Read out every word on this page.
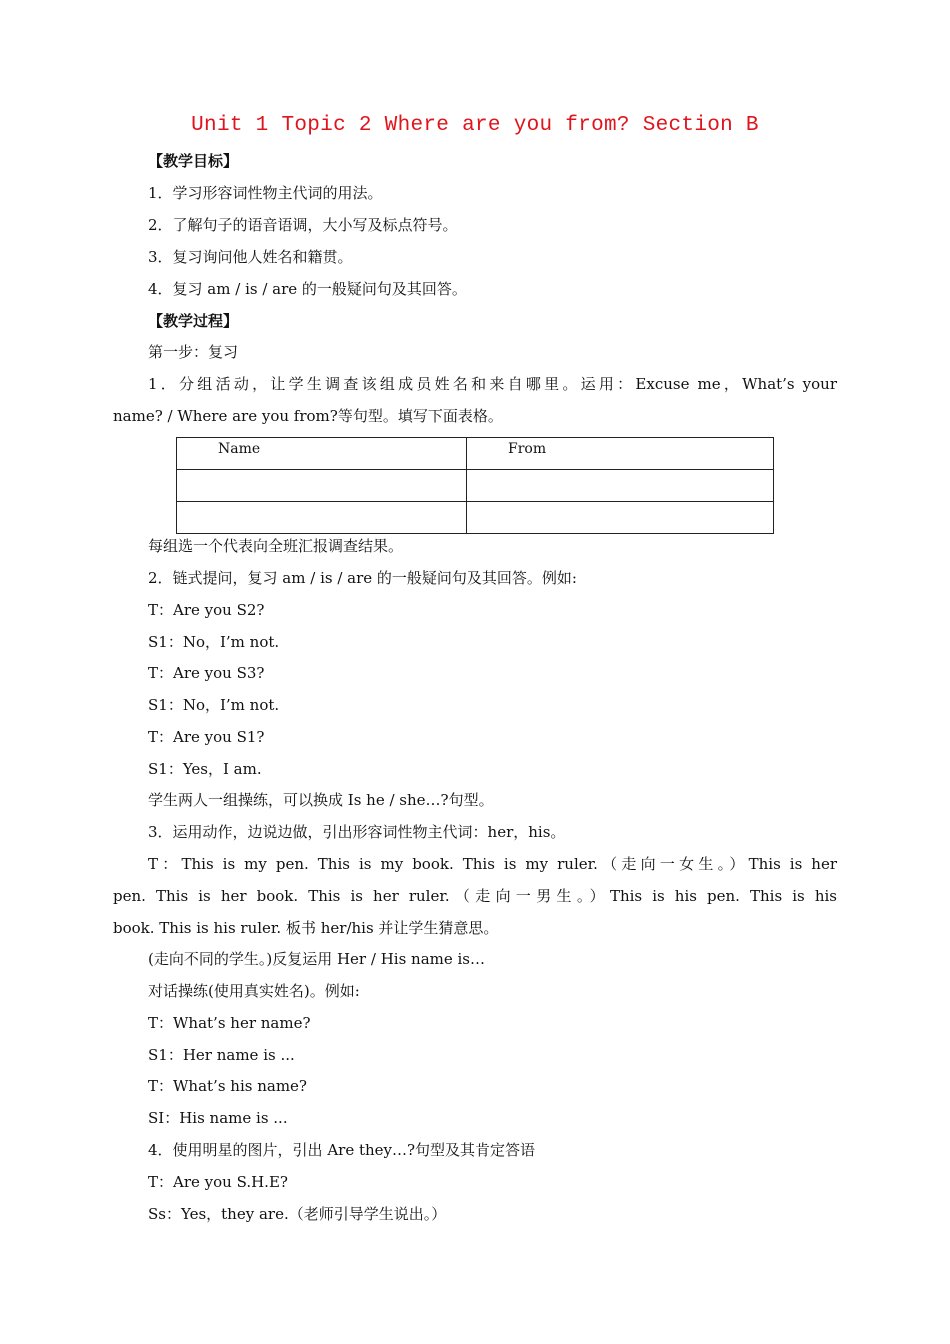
Unit 1 Topic 2 Where are you from? Section B
【教学目标】
1．学习形容词性物主代词的用法。
2．了解句子的语音语调，大小写及标点符号。
3．复习询问他人姓名和籍贯。
4．复习 am / is / are 的一般疑问句及其回答。
【教学过程】
第一步：复习
1．分组活动，让学生调查该组成员姓名和来自哪里。运用：Excuse me，What’s your
name? / Where are you from?等句型。填写下面表格。
Name	From

每组选一个代表向全班汇报调查结果。
2．链式提问，复习 am / is / are 的一般疑问句及其回答。例如:
T：Are you S2?
S1：No，I’m not.
T：Are you S3?
S1：No，I’m not.
T：Are you S1?
S1：Yes，I am.
学生两人一组操练，可以换成 Is he / she…?句型。
3．运用动作，边说边做，引出形容词性物主代词：her，his。
T：This is my pen. This is my book. This is my ruler.（走向一女生。）This is her
pen. This is her book. This is her ruler.（走向一男生。）This is his pen. This is his
book. This is his ruler. 板书 her/his 并让学生猜意思。
(走向不同的学生。)反复运用 Her / His name is…
对话操练(使用真实姓名)。例如:
T：What’s her name?
S1：Her name is ...
T：What’s his name?
SI：His name is ...
4．使用明星的图片，引出 Are they…?句型及其肯定答语
T：Are you S.H.E?
Ss：Yes，they are.（老师引导学生说出。）
